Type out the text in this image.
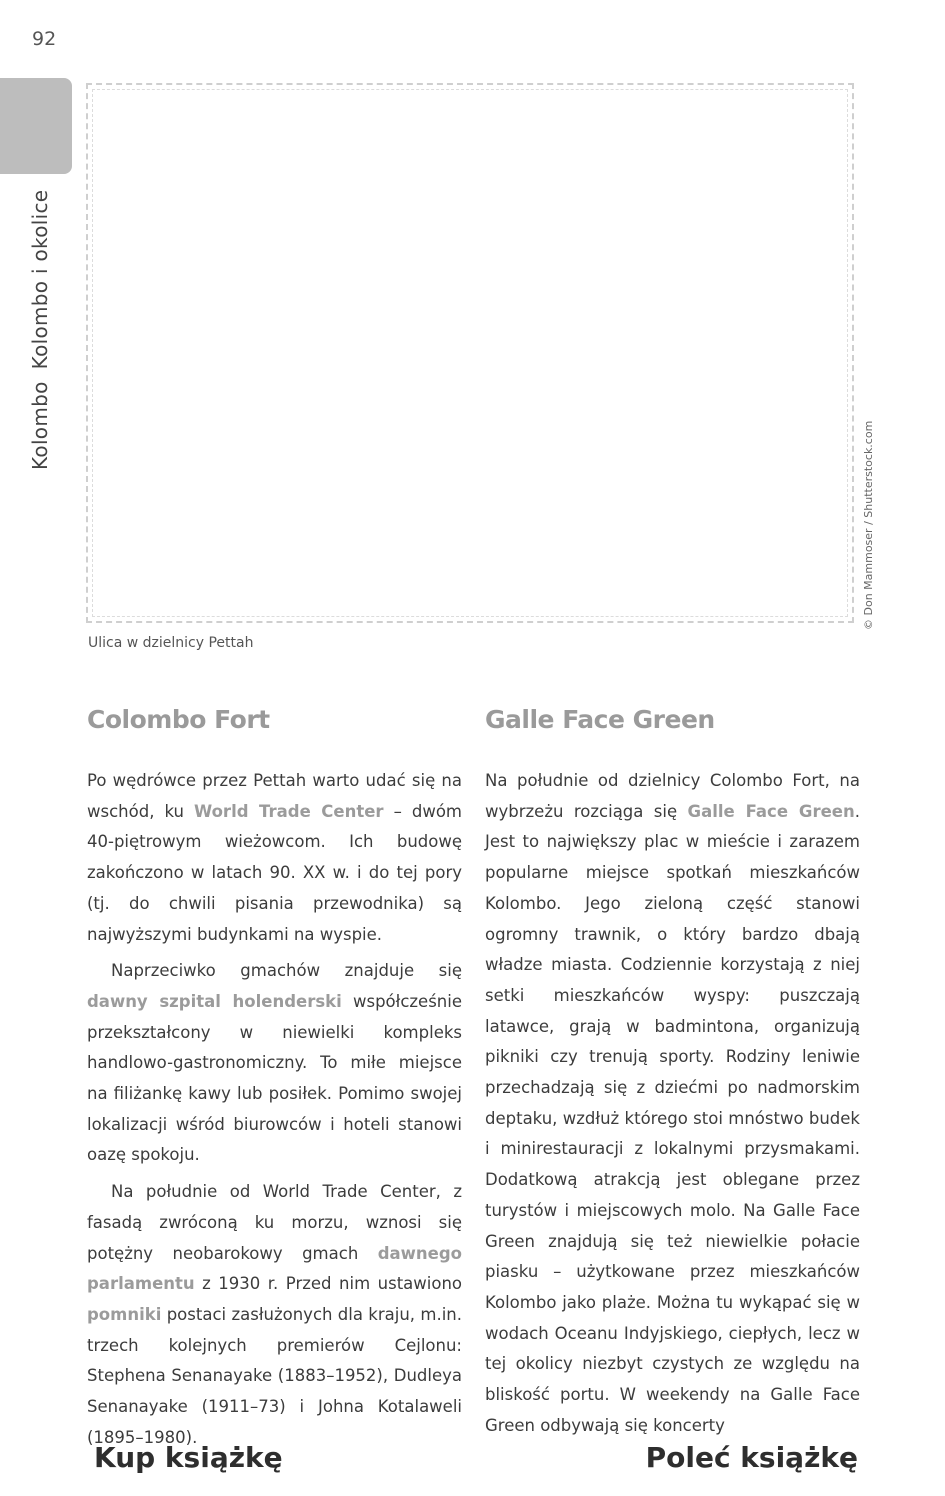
92
KolomboKolombo i okolice
© Don Mammoser / Shutterstock.com
Ulica w dzielnicy Pettah
Colombo Fort

Po wędrówce przez Pettah warto udać się na wschód, ku World Trade Center – dwóm 40-piętrowym wieżowcom. Ich budowę zakończono w latach 90. XX w. i do tej pory (tj. do chwili pisania przewodnika) są najwyższymi budynkami na wyspie.

Naprzeciwko gmachów znajduje się dawny szpital holenderski współcześnie przekształcony w niewielki kompleks handlowo-gastronomiczny. To miłe miejsce na filiżankę kawy lub posiłek. Pomimo swojej lokalizacji wśród biurowców i hoteli stanowi oazę spokoju.

Na południe od World Trade Center, z fasadą zwróconą ku morzu, wznosi się potężny neobarokowy gmach dawnego parlamentu z 1930 r. Przed nim ustawiono pomniki postaci zasłużonych dla kraju, m.in. trzech kolejnych premierów Cejlonu: Stephena Senanayake (1883–1952), Dudleya Senanayake (1911–73) i Johna Kotalaweli (1895–1980).

Galle Face Green

Na południe od dzielnicy Colombo Fort, na wybrzeżu rozciąga się Galle Face Green. Jest to największy plac w mieście i zarazem popularne miejsce spotkań mieszkańców Kolombo. Jego zieloną część stanowi ogromny trawnik, o który bardzo dbają władze miasta. Codziennie korzystają z niej setki mieszkańców wyspy: puszczają latawce, grają w badmintona, organizują pikniki czy trenują sporty. Rodziny leniwie przechadzają się z dziećmi po nadmorskim deptaku, wzdłuż którego stoi mnóstwo budek i minirestauracji z lokalnymi przysmakami. Dodatkową atrakcją jest oblegane przez turystów i miejscowych molo. Na Galle Face Green znajdują się też niewielkie połacie piasku – użytkowane przez mieszkańców Kolombo jako plaże. Można tu wykąpać się w wodach Oceanu Indyjskiego, ciepłych, lecz w tej okolicy niezbyt czystych ze względu na bliskość portu. W weekendy na Galle Face Green odbywają się koncerty

Kup książkę	Poleć książkę
